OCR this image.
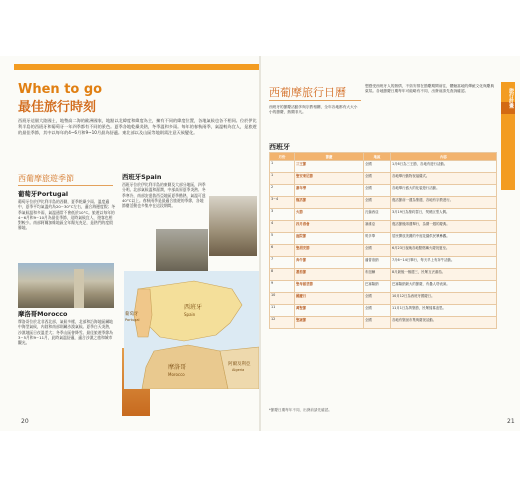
When to go
最佳旅行時刻
西班牙這個大陸國土，地勢高二海的歐洲國家，地點以北緯度和緯度為主，擁有不同的緯度位置，各地氣候也各不相同。位於伊比利半島的西班牙和葡萄牙一年四季都有不同的景色。夏季各地乾燥炎熱，冬季溫和多雨。每年的春秋兩季，氣溫較為宜人，是旅遊的最佳季節，其中以每年的4~6月和9~10月最為舒適。東北部以及山區等地則需注意天候變化。
西葡摩旅遊季節
葡萄牙Portugal
葡萄牙位於伊比利半島的西側，夏季乾燥少雨、溫度適中，夏季平均氣溫約為20~30°C左右，適合海邊度假；冬季氣候溫和多雨，氣溫通常不會低於10°C。旅遊以每年的4~6月和9~10月為最佳季節，這時氣候宜人，遊客也相對較少。南部阿爾加維地區全年陽光充足，是熱門的度假勝地。
摩洛哥Morocco
摩洛哥位於北非西北部，氣候多樣，北部和沿海地區屬地中海型氣候，內陸和南部則屬沙漠氣候。夏季白天炎熱，沙漠地區日夜溫差大；冬季山區會降雪。最佳旅遊季節為3~5月和9~11月，此時氣溫舒適，適合沙漠之旅和城市觀光。
西班牙Spain
西班牙位於伊比利半島的東側及大部分地區，四季分明。北部氣候溫和濕潤，中部高原夏季炎熱、冬季寒冷，南部安達魯西亞地區夏季酷熱，氣溫可達40°C以上。春秋兩季是最適合旅遊的季節，各地節慶活動也多集中在這段期間。
西班牙
Spain
葡萄牙
Portugal
摩洛哥
Morocco
阿爾及利亞
Algeria
20
西葡摩旅行日曆
西班牙的節慶活動多與宗教相關，全年各地都有大大小小的節慶，熱鬧非凡。
想感受西班牙人的熱情，不妨安排在節慶期間前往，體驗當地的傳統文化與慶典氣氛。各地節慶日期每年可能略有不同，出發前請先查詢確認。
西班牙
月份	節慶	地區	內容
1	三王節	全國	1月6日為三王節，各地有遊行活動。
1	聖安東尼節	全國	各地舉行動物祝福儀式。
2	嘉年華	全國	各地舉行盛大的化裝遊行活動。
3~4	復活節	全國	復活節前一週為聖週，各地有宗教遊行。
3	火節	瓦倫西亞	3月19日為聖約瑟日，焚燒巨型人偶。
4	四月春會	塞維亞	復活節後兩週舉行，為期一週的慶典。
5	庭院節	哥多華	居民開放美麗的中庭花園供民眾參觀。
6	聖胡安節	全國	6月23日夜晚各地點燃篝火慶祝夏至。
7	奔牛節	潘普洛納	7月6~14日舉行，每天早上有奔牛活動。
8	番茄節	布紐爾	8月最後一個週三，民眾互丟番茄。
9	聖母慈悲節	巴塞隆納	巴塞隆納最大的節慶，有疊人塔表演。
10	國慶日	全國	10月12日為西班牙國慶日。
11	萬聖節	全國	11月1日為萬聖節，民眾掃墓追思。
12	聖誕節	全國	各地有聖誕市集與慶祝活動。
旅行計畫
*節慶日期每年不同，出發前請先確認。
21
